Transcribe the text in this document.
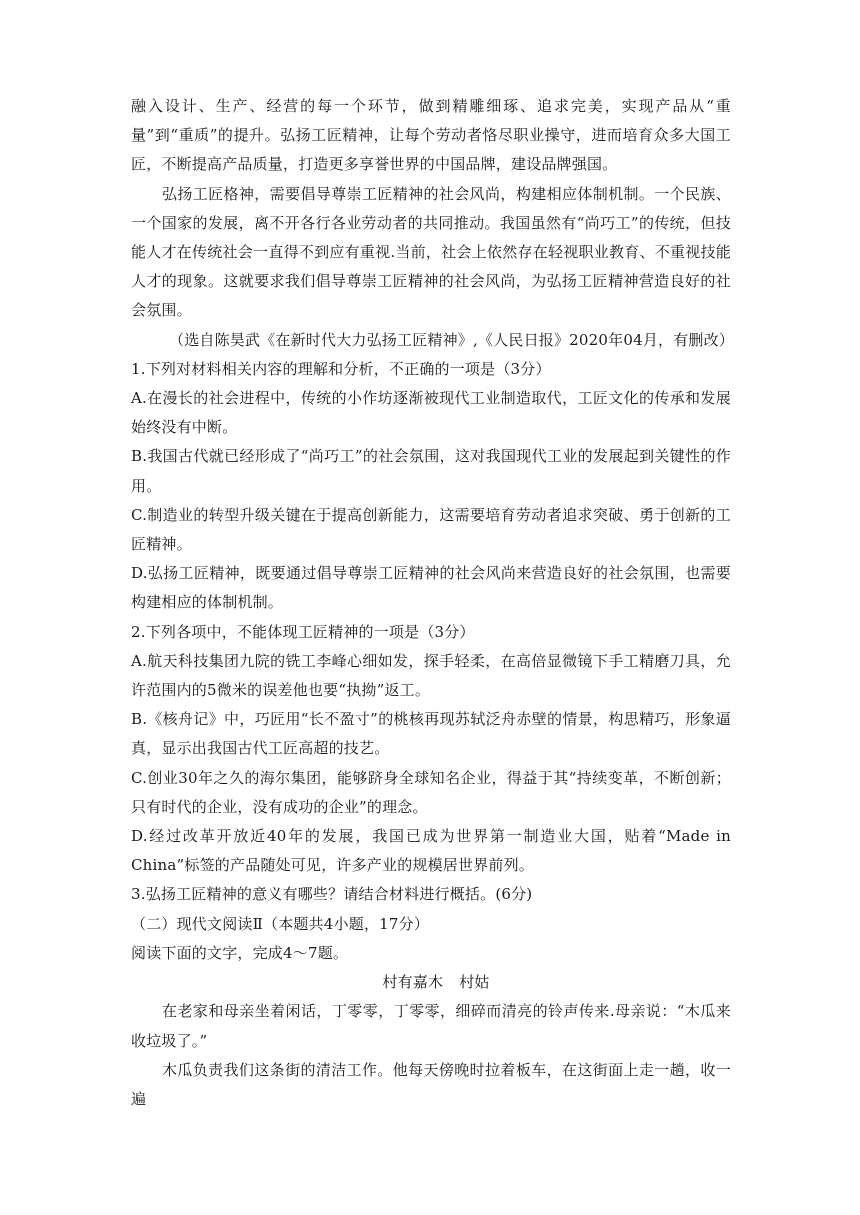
融入设计、生产、经营的每一个环节，做到精雕细琢、追求完美，实现产品从“重量”到“重质”的提升。弘扬工匠精神，让每个劳动者恪尽职业操守，进而培育众多大国工匠，不断提高产品质量，打造更多享誉世界的中国品牌，建设品牌强国。

弘扬工匠格神，需要倡导尊崇工匠精神的社会风尚，构建相应体制机制。一个民族、一个国家的发展，离不开各行各业劳动者的共同推动。我国虽然有“尚巧工”的传统，但技能人才在传统社会一直得不到应有重视.当前，社会上依然存在轻视职业教育、不重视技能人才的现象。这就要求我们倡导尊崇工匠精神的社会风尚，为弘扬工匠精神营造良好的社会氛围。

（选自陈昊武《在新时代大力弘扬工匠精神》,《人民日报》2020年04月，有删改）

1.下列对材料相关内容的理解和分析，不正确的一项是（3分）

A.在漫长的社会进程中，传统的小作坊逐渐被现代工业制造取代，工匠文化的传承和发展始终没有中断。

B.我国古代就已经形成了“尚巧工”的社会氛围，这对我国现代工业的发展起到关键性的作用。

C.制造业的转型升级关键在于提高创新能力，这需要培育劳动者追求突破、勇于创新的工匠精神。

D.弘扬工匠精神，既要通过倡导尊崇工匠精神的社会风尚来营造良好的社会氛围，也需要构建相应的体制机制。

2.下列各项中，不能体现工匠精神的一项是（3分）

A.航天科技集团九院的铣工李峰心细如发，探手轻柔，在高倍显微镜下手工精磨刀具，允许范围内的5微米的误差他也要“执拗”返工。

B.《核舟记》中，巧匠用“长不盈寸”的桃核再现苏轼泛舟赤壁的情景，构思精巧，形象逼真，显示出我国古代工匠高超的技艺。

C.创业30年之久的海尔集团，能够跻身全球知名企业，得益于其“持续变革，不断创新；只有时代的企业，没有成功的企业”的理念。

D.经过改革开放近40年的发展，我国已成为世界第一制造业大国，贴着“Made in China”标签的产品随处可见，许多产业的规模居世界前列。

3.弘扬工匠精神的意义有哪些？请结合材料进行概括。(6分)

（二）现代文阅读Ⅱ（本题共4小题，17分）

阅读下面的文字，完成4〜7题。

村有嘉木 村姑

在老家和母亲坐着闲话，丁零零，丁零零，细碎而清亮的铃声传来.母亲说：“木瓜来收垃圾了。”

木瓜负责我们这条街的清洁工作。他每天傍晚时拉着板车，在这街面上走一趟，收一遍
